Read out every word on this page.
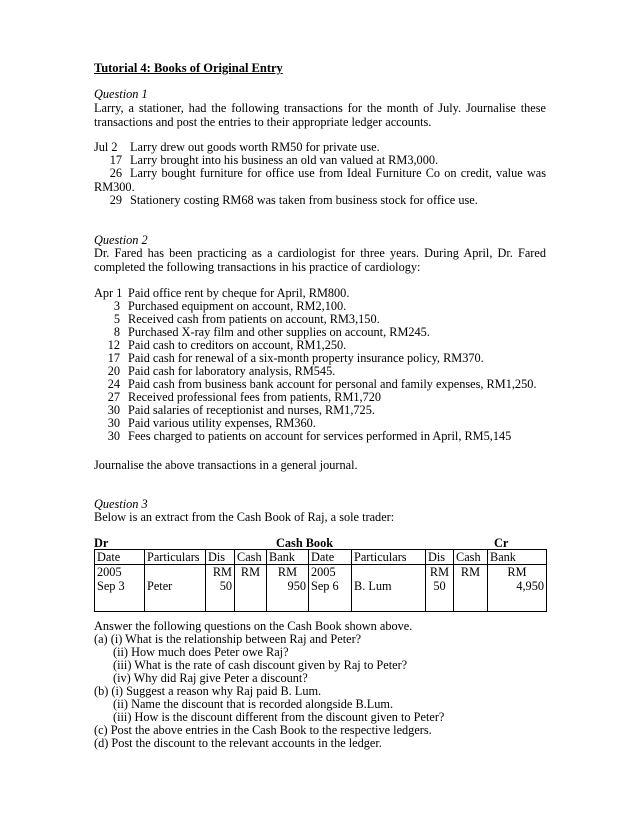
Tutorial 4: Books of Original Entry
Question 1
Larry, a stationer, had the following transactions for the month of July. Journalise these transactions and post the entries to their appropriate ledger accounts.
Jul 2	Larry drew out goods worth RM50 for private use.
17 Larry brought into his business an old van valued at RM3,000.
26 Larry bought furniture for office use from Ideal Furniture Co on credit, value was
RM300.
29 Stationery costing RM68 was taken from business stock for office use.
Question 2
Dr. Fared has been practicing as a cardiologist for three years. During April, Dr. Fared completed the following transactions in his practice of cardiology:
Apr 1 Paid office rent by cheque for April, RM800.
3 Purchased equipment on account, RM2,100.
5 Received cash from patients on account, RM3,150.
8 Purchased X-ray film and other supplies on account, RM245.
12 Paid cash to creditors on account, RM1,250.
17 Paid cash for renewal of a six-month property insurance policy, RM370.
20 Paid cash for laboratory analysis, RM545.
24 Paid cash from business bank account for personal and family expenses, RM1,250.
27 Received professional fees from patients, RM1,720
30 Paid salaries of receptionist and nurses, RM1,725.
30 Paid various utility expenses, RM360.
30 Fees charged to patients on account for services performed in April, RM5,145
Journalise the above transactions in a general journal.
Question 3
Below is an extract from the Cash Book of Raj, a sole trader:
Dr	Cash Book	Cr
Date	Particulars	Dis	Cash	Bank	Date	Particulars	Dis	Cash	Bank
2005		RM	RM	RM	2005		RM	RM	RM
Sep 3	Peter	50		950	Sep 6	B. Lum	50		4,950

Answer the following questions on the Cash Book shown above.
(a) (i) What is the relationship between Raj and Peter?
(ii) How much does Peter owe Raj?
(iii) What is the rate of cash discount given by Raj to Peter?
(iv) Why did Raj give Peter a discount?
(b) (i) Suggest a reason why Raj paid B. Lum.
(ii) Name the discount that is recorded alongside B.Lum.
(iii) How is the discount different from the discount given to Peter?
(c) Post the above entries in the Cash Book to the respective ledgers.
(d) Post the discount to the relevant accounts in the ledger.
